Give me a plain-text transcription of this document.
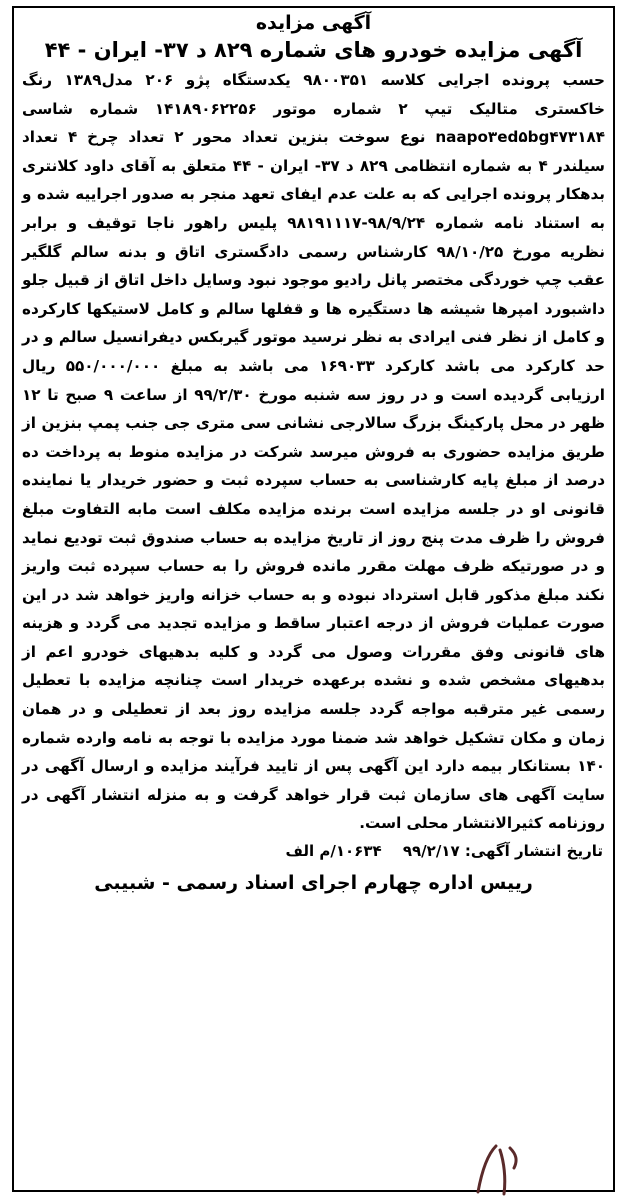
آگهی مزایده
آگهی مزایده خودرو های شماره ۸۲۹ د ۳۷- ایران - ۴۴
حسب پرونده اجرایی کلاسه ۹۸۰۰۳۵۱ یکدستگاه پژو ۲۰۶ مدل۱۳۸۹ رنگ خاکستری متالیک تیپ ۲ شماره موتور ۱۴۱۸۹۰۶۲۲۵۶ شماره شاسی naapo۳ed۵bg۴۷۳۱۸۴ نوع سوخت بنزین تعداد محور ۲ تعداد چرخ ۴ تعداد سیلندر ۴ به شماره انتظامی ۸۲۹ د ۳۷- ایران - ۴۴ متعلق به آقای داود کلانتری بدهکار پرونده اجرایی که به علت عدم ایفای تعهد منجر به صدور اجراییه شده و به استناد نامه شماره ۹۸/۹/۲۴-۹۸۱۹۱۱۱۷ پلیس راهور ناجا توقیف و برابر نظریه مورخ ۹۸/۱۰/۲۵ کارشناس رسمی دادگستری اتاق و بدنه سالم گلگیر عقب چپ خوردگی مختصر پانل رادیو موجود نبود وسایل داخل اتاق از قبیل جلو داشبورد امپرها شیشه ها دستگیره ها و قفلها سالم و کامل لاستیکها کارکرده و کامل از نظر فنی ایرادی به نظر نرسید موتور گیربکس دیفرانسیل سالم و در حد کارکرد می باشد کارکرد ۱۶۹۰۳۳ می باشد به مبلغ ۵۵۰/۰۰۰/۰۰۰ ریال ارزیابی گردیده است و در روز سه شنبه مورخ ۹۹/۲/۳۰ از ساعت ۹ صبح تا ۱۲ ظهر در محل پارکینگ بزرگ سالارجی نشانی سی متری جی جنب پمپ بنزین از طریق مزایده حضوری به فروش میرسد شرکت در مزایده منوط به پرداخت ده درصد از مبلغ پایه کارشناسی به حساب سپرده ثبت و حضور خریدار یا نماینده قانونی او در جلسه مزایده است برنده مزایده مکلف است مابه التفاوت مبلغ فروش را ظرف مدت پنج روز از تاریخ مزایده به حساب صندوق ثبت تودیع نماید و در صورتیکه ظرف مهلت مقرر مانده فروش را به حساب سپرده ثبت واریز نکند مبلغ مذکور قابل استرداد نبوده و به حساب خزانه واریز خواهد شد در این صورت عملیات فروش از درجه اعتبار ساقط و مزایده تجدید می گردد و هزینه های قانونی وفق مقررات وصول می گردد و کلیه بدهیهای خودرو اعم از بدهیهای مشخص شده و نشده برعهده خریدار است چنانچه مزایده با تعطیل رسمی غیر مترقبه مواجه گردد جلسه مزایده روز بعد از تعطیلی و در همان زمان و مکان تشکیل خواهد شد ضمنا مورد مزایده با توجه به نامه وارده شماره ۱۴۰ بستانکار بیمه دارد این آگهی پس از تایید فرآیند مزایده و ارسال آگهی در سایت آگهی های سازمان ثبت قرار خواهد گرفت و به منزله انتشار آگهی در روزنامه کثیرالانتشار محلی است.
تاریخ انتشار آگهی: ۹۹/۲/۱۷ ۱۰۶۳۴/م الف
رییس اداره چهارم اجرای اسناد رسمی - شبیبی
